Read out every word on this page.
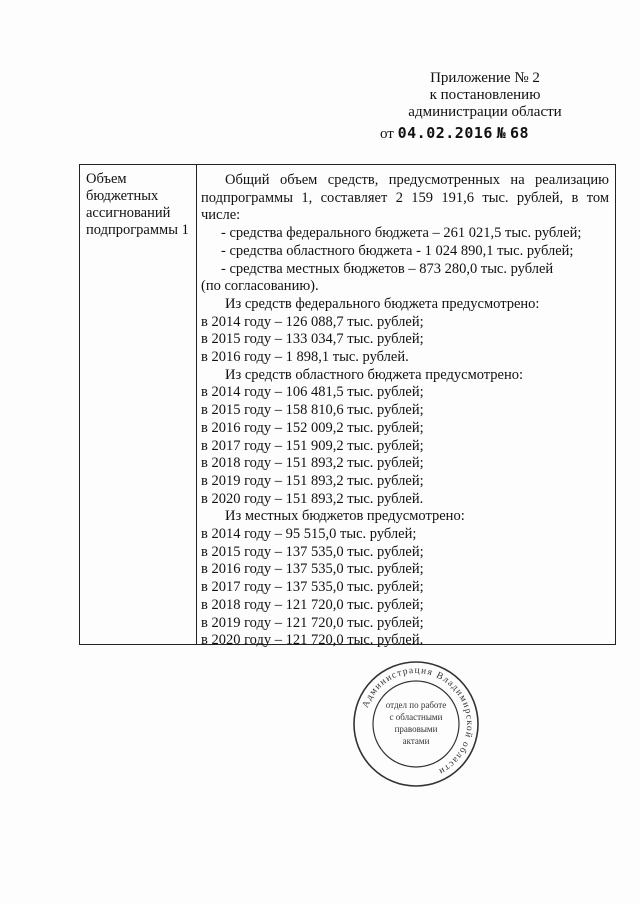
Приложение № 2
к постановлению
администрации области
от 04.02.2016 № 68
Объем
бюджетных
ассигнований
подпрограммы 1
Общий объем средств, предусмотренных на реализацию
подпрограммы 1, составляет 2 159 191,6 тыс. рублей, в том
числе:
- средства федерального бюджета – 261 021,5 тыс. рублей;
- средства областного бюджета - 1 024 890,1 тыс. рублей;
- средства местных бюджетов – 873 280,0 тыс. рублей
(по согласованию).
Из средств федерального бюджета предусмотрено:
в 2014 году – 126 088,7 тыс. рублей;
в 2015 году – 133 034,7 тыс. рублей;
в 2016 году – 1 898,1 тыс. рублей.
Из средств областного бюджета предусмотрено:
в 2014 году – 106 481,5 тыс. рублей;
в 2015 году – 158 810,6 тыс. рублей;
в 2016 году – 152 009,2 тыс. рублей;
в 2017 году – 151 909,2 тыс. рублей;
в 2018 году – 151 893,2 тыс. рублей;
в 2019 году – 151 893,2 тыс. рублей;
в 2020 году – 151 893,2 тыс. рублей.
Из местных бюджетов предусмотрено:
в 2014 году – 95 515,0 тыс. рублей;
в 2015 году – 137 535,0 тыс. рублей;
в 2016 году – 137 535,0 тыс. рублей;
в 2017 году – 137 535,0 тыс. рублей;
в 2018 году – 121 720,0 тыс. рублей;
в 2019 году – 121 720,0 тыс. рублей;
в 2020 году – 121 720,0 тыс. рублей.
Администрация Владимирской области
отдел по работе
с областными
правовыми
актами
